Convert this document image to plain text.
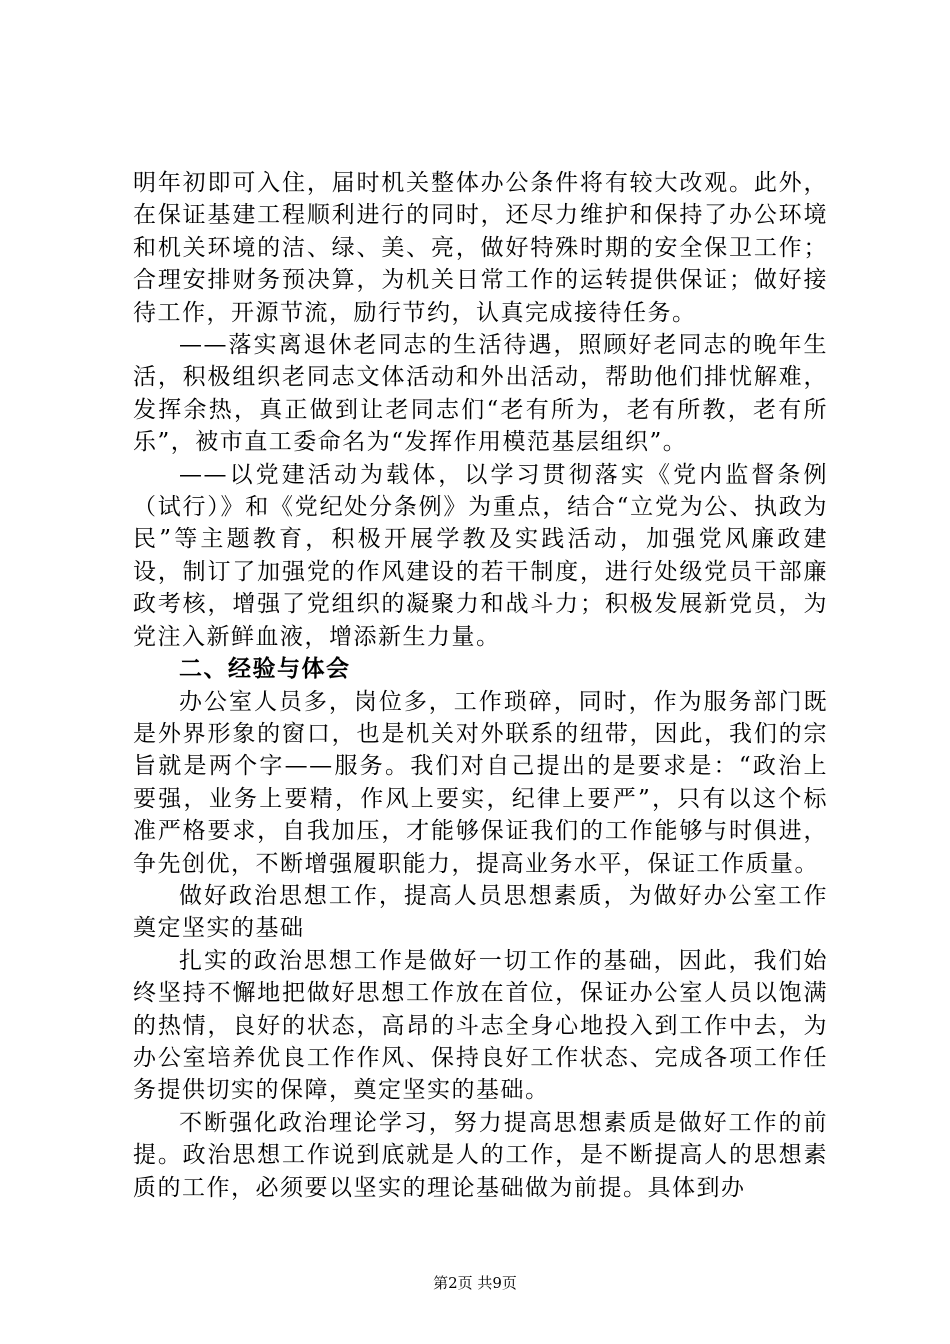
明年初即可入住，届时机关整体办公条件将有较大改观。此外，在保证基建工程顺利进行的同时，还尽力维护和保持了办公环境和机关环境的洁、绿、美、亮，做好特殊时期的安全保卫工作；合理安排财务预决算，为机关日常工作的运转提供保证；做好接待工作，开源节流，励行节约，认真完成接待任务。

——落实离退休老同志的生活待遇，照顾好老同志的晚年生活，积极组织老同志文体活动和外出活动，帮助他们排忧解难，发挥余热，真正做到让老同志们“老有所为，老有所教，老有所乐”，被市直工委命名为“发挥作用模范基层组织”。

——以党建活动为载体，以学习贯彻落实《党内监督条例（试行）》和《党纪处分条例》为重点，结合“立党为公、执政为民”等主题教育，积极开展学教及实践活动，加强党风廉政建设，制订了加强党的作风建设的若干制度，进行处级党员干部廉政考核，增强了党组织的凝聚力和战斗力；积极发展新党员，为党注入新鲜血液，增添新生力量。

二、经验与体会

办公室人员多，岗位多，工作琐碎，同时，作为服务部门既是外界形象的窗口，也是机关对外联系的纽带，因此，我们的宗旨就是两个字——服务。我们对自己提出的是要求是：“政治上要强，业务上要精，作风上要实，纪律上要严”，只有以这个标准严格要求，自我加压，才能够保证我们的工作能够与时俱进，争先创优，不断增强履职能力，提高业务水平，保证工作质量。

做好政治思想工作，提高人员思想素质，为做好办公室工作奠定坚实的基础

扎实的政治思想工作是做好一切工作的基础，因此，我们始终坚持不懈地把做好思想工作放在首位，保证办公室人员以饱满的热情，良好的状态，高昂的斗志全身心地投入到工作中去，为办公室培养优良工作作风、保持良好工作状态、完成各项工作任务提供切实的保障，奠定坚实的基础。

不断强化政治理论学习，努力提高思想素质是做好工作的前提。政治思想工作说到底就是人的工作，是不断提高人的思想素质的工作，必须要以坚实的理论基础做为前提。具体到办

第2页 共9页
